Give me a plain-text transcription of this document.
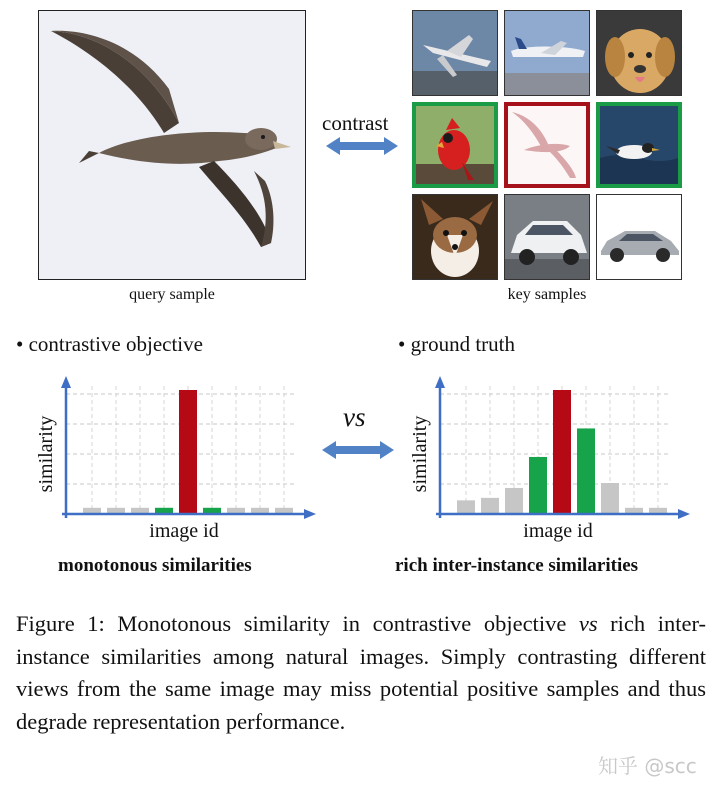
query sample
contrast
key samples
• contrastive objective	• ground truth
image id
similarity
image id
similarity
vs
monotonous similarities	rich inter-instance similarities
Figure 1: Monotonous similarity in contrastive objective vs rich inter-instance similarities among natural images. Simply contrasting different views from the same image may miss potential positive samples and thus degrade representation performance.
知乎 @scc
